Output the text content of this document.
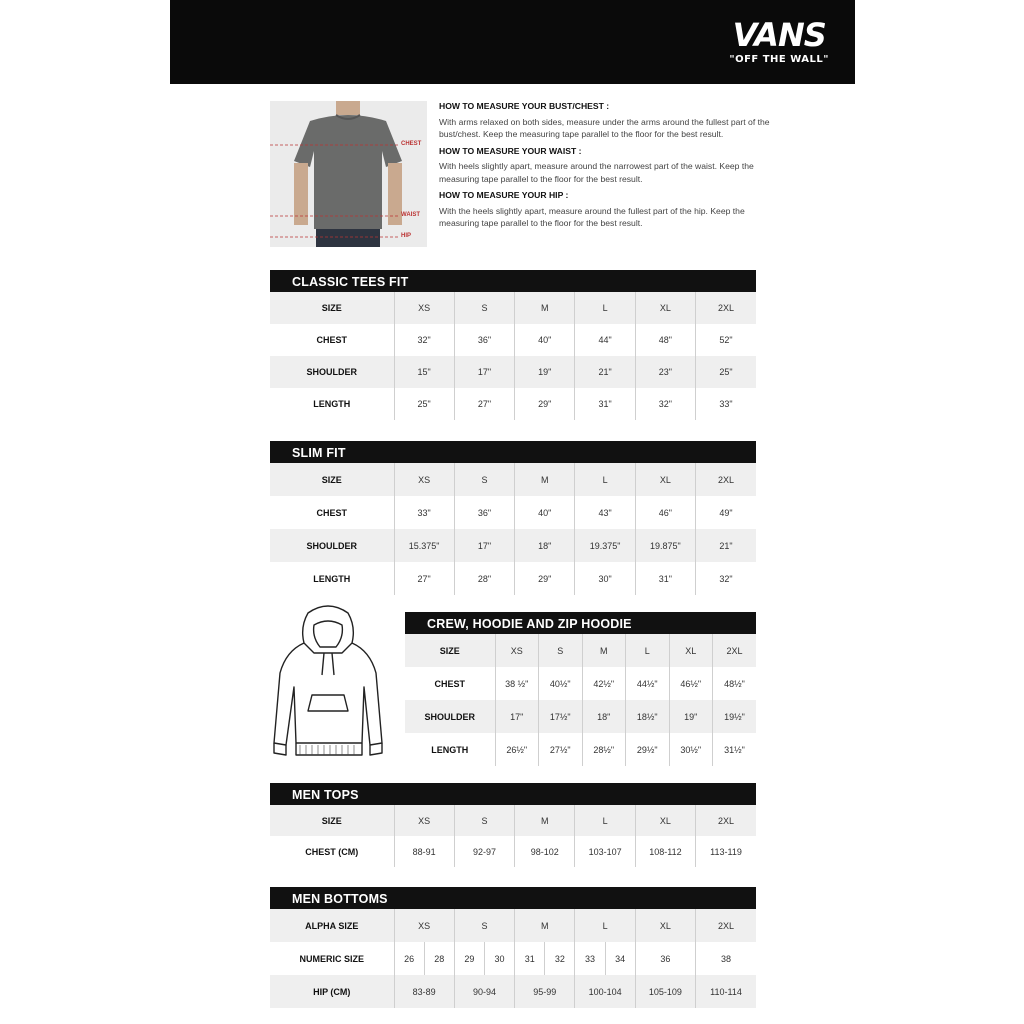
VANS
"OFF THE WALL"
CHEST
WAIST
HIP
HOW TO MEASURE YOUR BUST/CHEST :
With arms relaxed on both sides, measure under the arms around the fullest part of the bust/chest. Keep the measuring tape parallel to the floor for the best result.
HOW TO MEASURE YOUR WAIST :
With heels slightly apart, measure around the narrowest part of the waist. Keep the measuring tape parallel to the floor for the best result.
HOW TO MEASURE YOUR HIP :
With the heels slightly apart, measure around the fullest part of the hip. Keep the measuring tape parallel to the floor for the best result.
CLASSIC TEES FIT
SIZE	XS	S	M	L	XL	2XL
CHEST	32"	36"	40"	44"	48"	52"
SHOULDER	15"	17"	19"	21"	23"	25"
LENGTH	25"	27"	29"	31"	32"	33"
SLIM FIT
SIZE	XS	S	M	L	XL	2XL
CHEST	33"	36"	40"	43"	46"	49"
SHOULDER	15.375"	17"	18"	19.375"	19.875"	21"
LENGTH	27"	28"	29"	30"	31"	32"
CREW, HOODIE AND ZIP HOODIE
SIZE	XS	S	M	L	XL	2XL
CHEST	38 ½"	40½"	42½"	44½"	46½"	48½"
SHOULDER	17"	17½"	18"	18½"	19"	19½"
LENGTH	26½"	27½"	28½"	29½"	30½"	31½"
MEN TOPS
SIZE	XS	S	M	L	XL	2XL
CHEST (CM)	88-91	92-97	98-102	103-107	108-112	113-119
MEN BOTTOMS
ALPHA SIZE	XS		S		M		L		XL	2XL
NUMERIC SIZE	26	28	29	30	31	32	33	34	36	38
HIP (CM)	83-89		90-94		95-99		100-104		105-109	110-114
